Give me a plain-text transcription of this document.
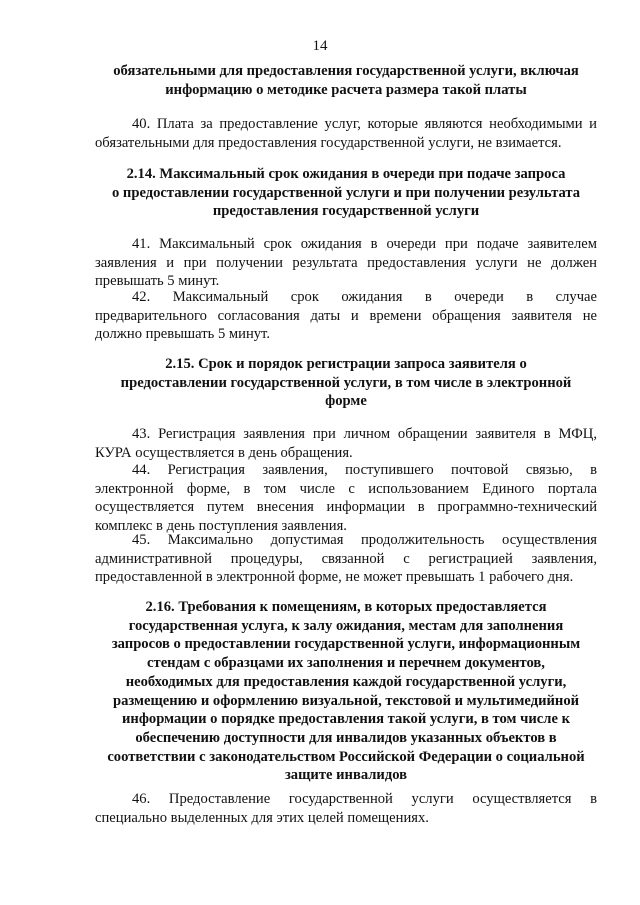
14
обязательными для предоставления государственной услуги, включая
информацию о методике расчета размера такой платы
40. Плата за предоставление услуг, которые являются необходимыми и
обязательными для предоставления государственной услуги, не взимается.
2.14. Максимальный срок ожидания в очереди при подаче запроса
о предоставлении государственной услуги и при получении результата
предоставления государственной услуги
41. Максимальный срок ожидания в очереди при подаче заявителем
заявления и при получении результата предоставления услуги не должен
превышать 5 минут.
42. Максимальный срок ожидания в очереди в случае
предварительного согласования даты и времени обращения заявителя не
должно превышать 5 минут.
2.15. Срок и порядок регистрации запроса заявителя о
предоставлении государственной услуги, в том числе в электронной
форме
43. Регистрация заявления при личном обращении заявителя в МФЦ,
КУРА осуществляется в день обращения.
44. Регистрация заявления, поступившего почтовой связью, в
электронной форме, в том числе с использованием Единого портала
осуществляется путем внесения информации в программно-технический
комплекс в день поступления заявления.
45. Максимально допустимая продолжительность осуществления
административной процедуры, связанной с регистрацией заявления,
предоставленной в электронной форме, не может превышать 1 рабочего дня.
2.16. Требования к помещениям, в которых предоставляется
государственная услуга, к залу ожидания, местам для заполнения
запросов о предоставлении государственной услуги, информационным
стендам с образцами их заполнения и перечнем документов,
необходимых для предоставления каждой государственной услуги,
размещению и оформлению визуальной, текстовой и мультимедийной
информации о порядке предоставления такой услуги, в том числе к
обеспечению доступности для инвалидов указанных объектов в
соответствии с законодательством Российской Федерации о социальной
защите инвалидов
46. Предоставление государственной услуги осуществляется в
специально выделенных для этих целей помещениях.
